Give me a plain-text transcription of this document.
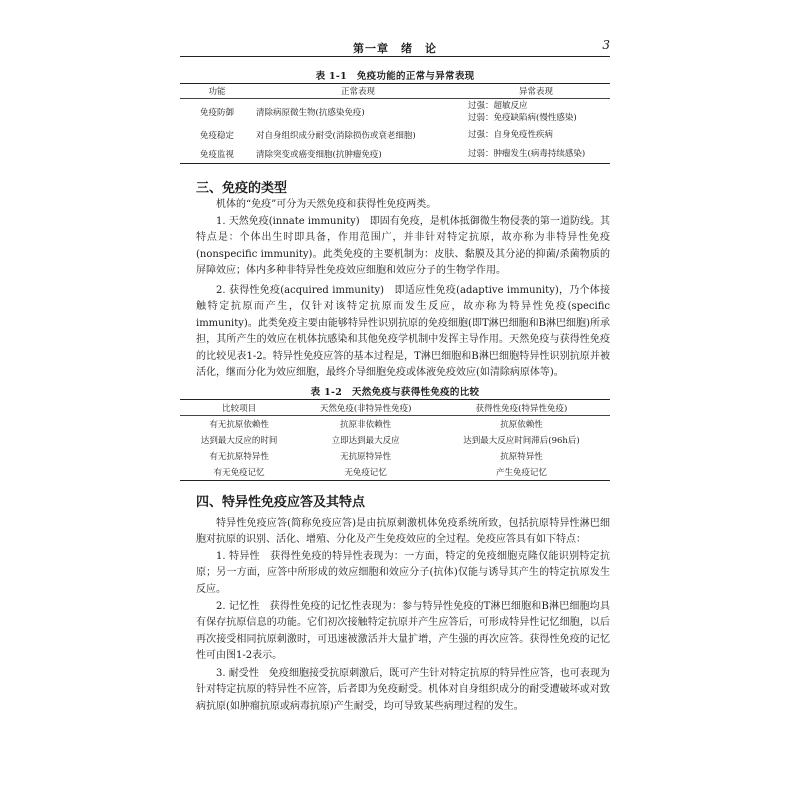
第一章　绪　论	3
表 1-1　免疫功能的正常与异常表现
功能	正常表现	异常表现
免疫防御	清除病原微生物(抗感染免疫)	过强：超敏反应
过弱：免疫缺陷病(慢性感染)

免疫稳定	对自身组织成分耐受(消除损伤或衰老细胞)	过强：自身免疫性疾病
免疫监视	清除突变或癌变细胞(抗肿瘤免疫)	过弱：肿瘤发生(病毒持续感染)
三、免疫的类型

机体的“免疫”可分为天然免疫和获得性免疫两类。

1. 天然免疫(innate immunity)　即固有免疫，是机体抵御微生物侵袭的第一道防线。其特点是：个体出生时即具备，作用范围广，并非针对特定抗原，故亦称为非特异性免疫(nonspecific immunity)。此类免疫的主要机制为：皮肤、黏膜及其分泌的抑菌/杀菌物质的屏障效应；体内多种非特异性免疫效应细胞和效应分子的生物学作用。

2. 获得性免疫(acquired immunity)　即适应性免疫(adaptive immunity)，乃个体接触特定抗原而产生，仅针对该特定抗原而发生反应，故亦称为特异性免疫(specific immunity)。此类免疫主要由能够特异性识别抗原的免疫细胞(即T淋巴细胞和B淋巴细胞)所承担，其所产生的效应在机体抗感染和其他免疫学机制中发挥主导作用。天然免疫与获得性免疫的比较见表1-2。特异性免疫应答的基本过程是，T淋巴细胞和B淋巴细胞特异性识别抗原并被活化，继而分化为效应细胞，最终介导细胞免疫或体液免疫效应(如清除病原体等)。

表 1-2　天然免疫与获得性免疫的比较
比较项目	天然免疫(非特异性免疫)	获得性免疫(特异性免疫)
有无抗原依赖性	抗原非依赖性	抗原依赖性
达到最大反应的时间	立即达到最大反应	达到最大反应时间滞后(96h后)
有无抗原特异性	无抗原特异性	抗原特异性
有无免疫记忆	无免疫记忆	产生免疫记忆
四、特异性免疫应答及其特点

特异性免疫应答(简称免疫应答)是由抗原刺激机体免疫系统所致，包括抗原特异性淋巴细胞对抗原的识别、活化、增殖、分化及产生免疫效应的全过程。免疫应答具有如下特点：

1. 特异性　获得性免疫的特异性表现为：一方面，特定的免疫细胞克隆仅能识别特定抗原；另一方面，应答中所形成的效应细胞和效应分子(抗体)仅能与诱导其产生的特定抗原发生反应。

2. 记忆性　获得性免疫的记忆性表现为：参与特异性免疫的T淋巴细胞和B淋巴细胞均具有保存抗原信息的功能。它们初次接触特定抗原并产生应答后，可形成特异性记忆细胞，以后再次接受相同抗原刺激时，可迅速被激活并大量扩增，产生强的再次应答。获得性免疫的记忆性可由图1-2表示。

3. 耐受性　免疫细胞接受抗原刺激后，既可产生针对特定抗原的特异性应答，也可表现为针对特定抗原的特异性不应答，后者即为免疫耐受。机体对自身组织成分的耐受遭破坏或对致病抗原(如肿瘤抗原或病毒抗原)产生耐受，均可导致某些病理过程的发生。
